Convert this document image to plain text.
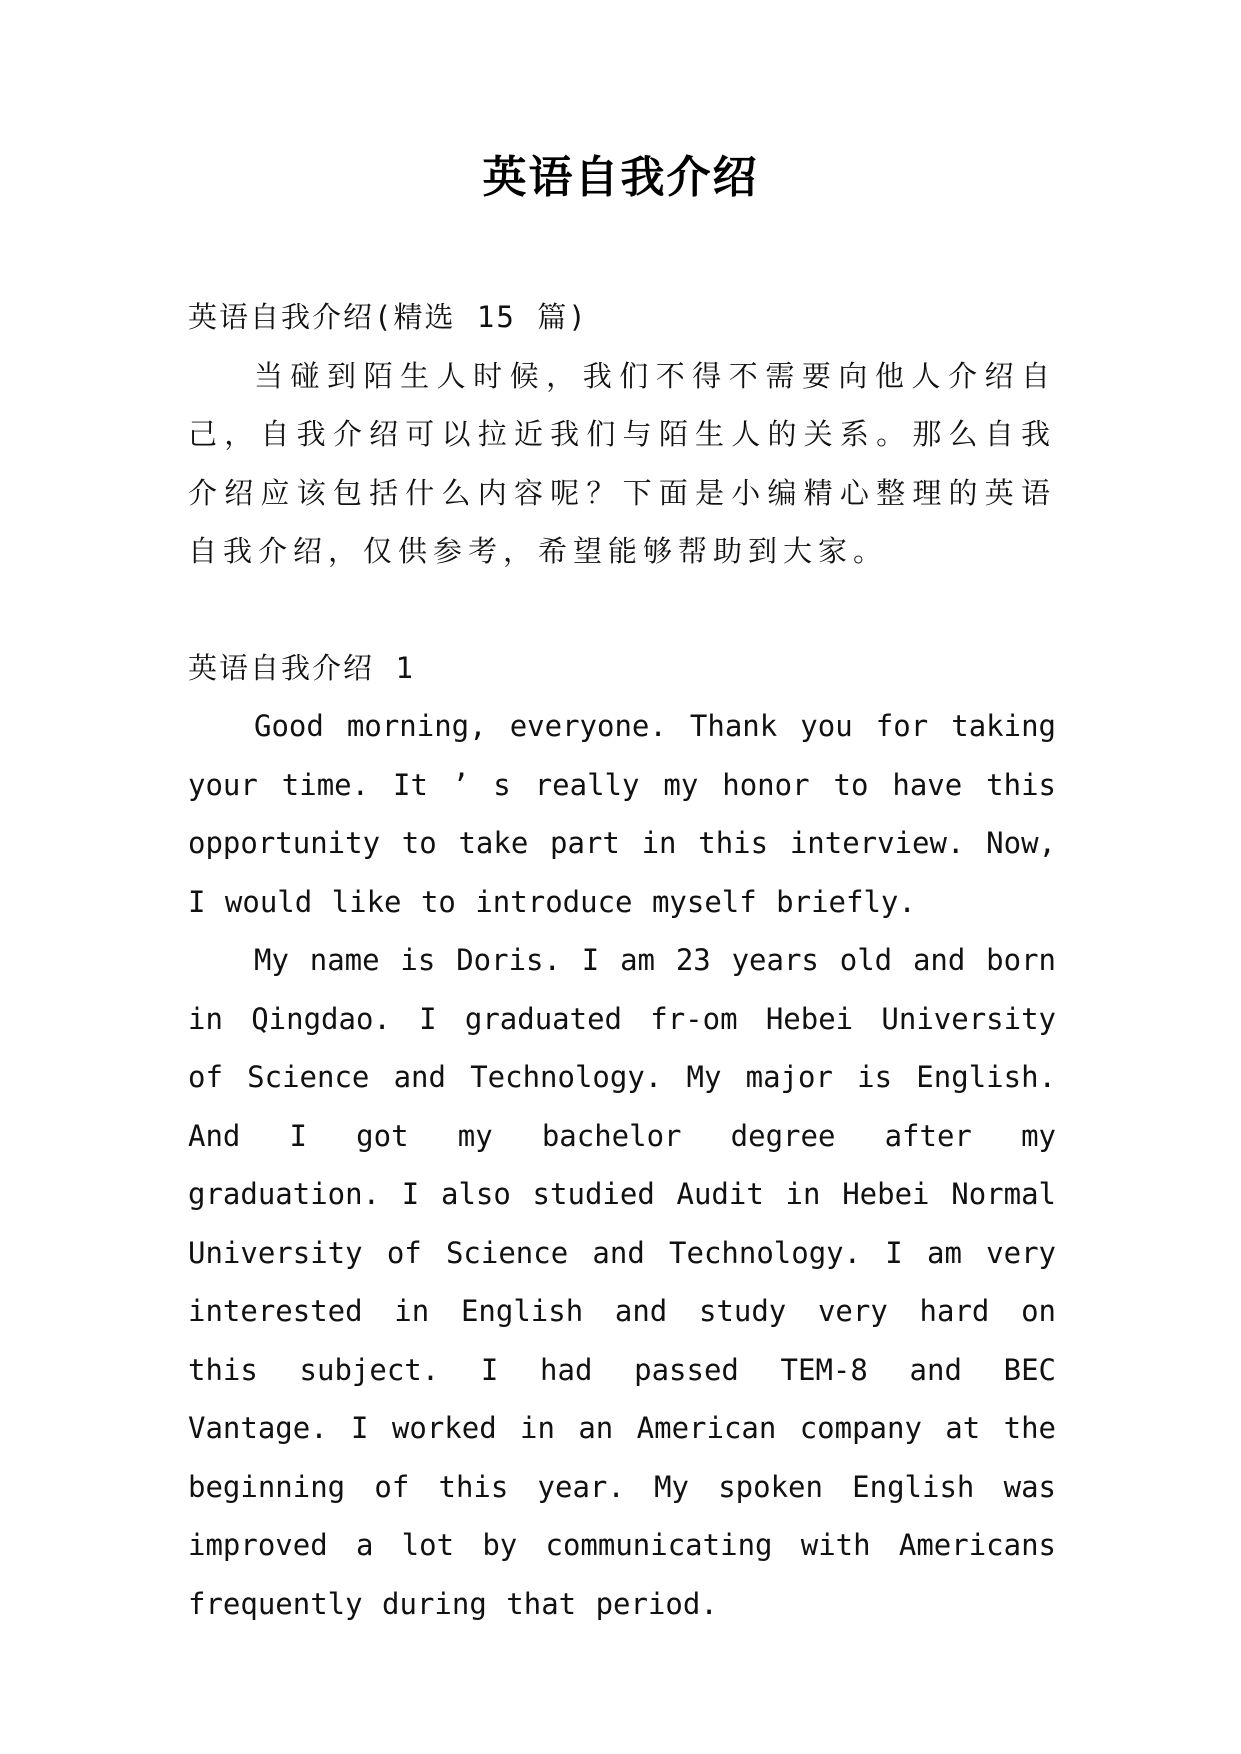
英语自我介绍

英语自我介绍(精选 15 篇)

当碰到陌生人时候，我们不得不需要向他人介绍自己，自我介绍可以拉近我们与陌生人的关系。那么自我介绍应该包括什么内容呢？下面是小编精心整理的英语自我介绍，仅供参考，希望能够帮助到大家。

英语自我介绍 1

Good morning, everyone. Thank you for taking your time. It ’ s really my honor to have this opportunity to take part in this interview. Now, I would like to introduce myself briefly.

My name is Doris. I am 23 years old and born in Qingdao. I graduated fr-om Hebei University of Science and Technology. My major is English. And I got my bachelor degree after my graduation. I also studied Audit in Hebei Normal University of Science and Technology. I am very interested in English and study very hard on this subject. I had passed TEM-8 and BEC Vantage. I worked in an American company at the beginning of this year. My spoken English was improved a lot by communicating with Americans frequently during that period.
